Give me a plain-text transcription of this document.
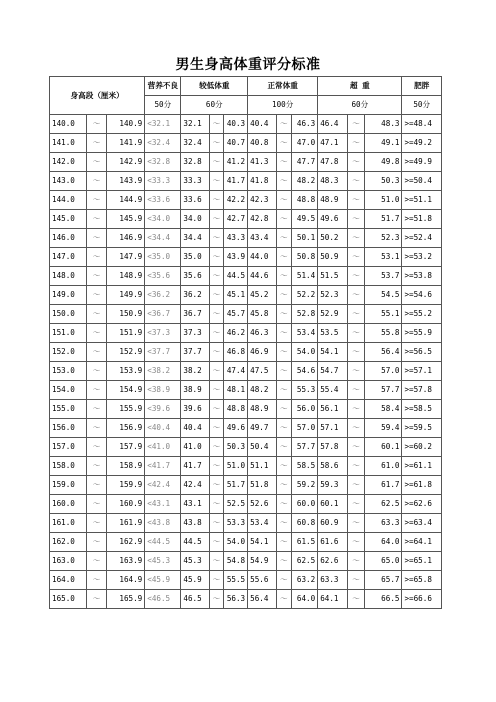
男生身高体重评分标准
身高段（厘米）			营养不良	较低体重			正常体重			超 重			肥胖
			50分	60分			100分			60分			50分
140.0	～	140.9	<32.1	32.1	～	40.3	40.4	～	46.3	46.4	～	48.3	>=48.4
141.0	～	141.9	<32.4	32.4	～	40.7	40.8	～	47.0	47.1	～	49.1	>=49.2
142.0	～	142.9	<32.8	32.8	～	41.2	41.3	～	47.7	47.8	～	49.8	>=49.9
143.0	～	143.9	<33.3	33.3	～	41.7	41.8	～	48.2	48.3	～	50.3	>=50.4
144.0	～	144.9	<33.6	33.6	～	42.2	42.3	～	48.8	48.9	～	51.0	>=51.1
145.0	～	145.9	<34.0	34.0	～	42.7	42.8	～	49.5	49.6	～	51.7	>=51.8
146.0	～	146.9	<34.4	34.4	～	43.3	43.4	～	50.1	50.2	～	52.3	>=52.4
147.0	～	147.9	<35.0	35.0	～	43.9	44.0	～	50.8	50.9	～	53.1	>=53.2
148.0	～	148.9	<35.6	35.6	～	44.5	44.6	～	51.4	51.5	～	53.7	>=53.8
149.0	～	149.9	<36.2	36.2	～	45.1	45.2	～	52.2	52.3	～	54.5	>=54.6
150.0	～	150.9	<36.7	36.7	～	45.7	45.8	～	52.8	52.9	～	55.1	>=55.2
151.0	～	151.9	<37.3	37.3	～	46.2	46.3	～	53.4	53.5	～	55.8	>=55.9
152.0	～	152.9	<37.7	37.7	～	46.8	46.9	～	54.0	54.1	～	56.4	>=56.5
153.0	～	153.9	<38.2	38.2	～	47.4	47.5	～	54.6	54.7	～	57.0	>=57.1
154.0	～	154.9	<38.9	38.9	～	48.1	48.2	～	55.3	55.4	～	57.7	>=57.8
155.0	～	155.9	<39.6	39.6	～	48.8	48.9	～	56.0	56.1	～	58.4	>=58.5
156.0	～	156.9	<40.4	40.4	～	49.6	49.7	～	57.0	57.1	～	59.4	>=59.5
157.0	～	157.9	<41.0	41.0	～	50.3	50.4	～	57.7	57.8	～	60.1	>=60.2
158.0	～	158.9	<41.7	41.7	～	51.0	51.1	～	58.5	58.6	～	61.0	>=61.1
159.0	～	159.9	<42.4	42.4	～	51.7	51.8	～	59.2	59.3	～	61.7	>=61.8
160.0	～	160.9	<43.1	43.1	～	52.5	52.6	～	60.0	60.1	～	62.5	>=62.6
161.0	～	161.9	<43.8	43.8	～	53.3	53.4	～	60.8	60.9	～	63.3	>=63.4
162.0	～	162.9	<44.5	44.5	～	54.0	54.1	～	61.5	61.6	～	64.0	>=64.1
163.0	～	163.9	<45.3	45.3	～	54.8	54.9	～	62.5	62.6	～	65.0	>=65.1
164.0	～	164.9	<45.9	45.9	～	55.5	55.6	～	63.2	63.3	～	65.7	>=65.8
165.0	～	165.9	<46.5	46.5	～	56.3	56.4	～	64.0	64.1	～	66.5	>=66.6
